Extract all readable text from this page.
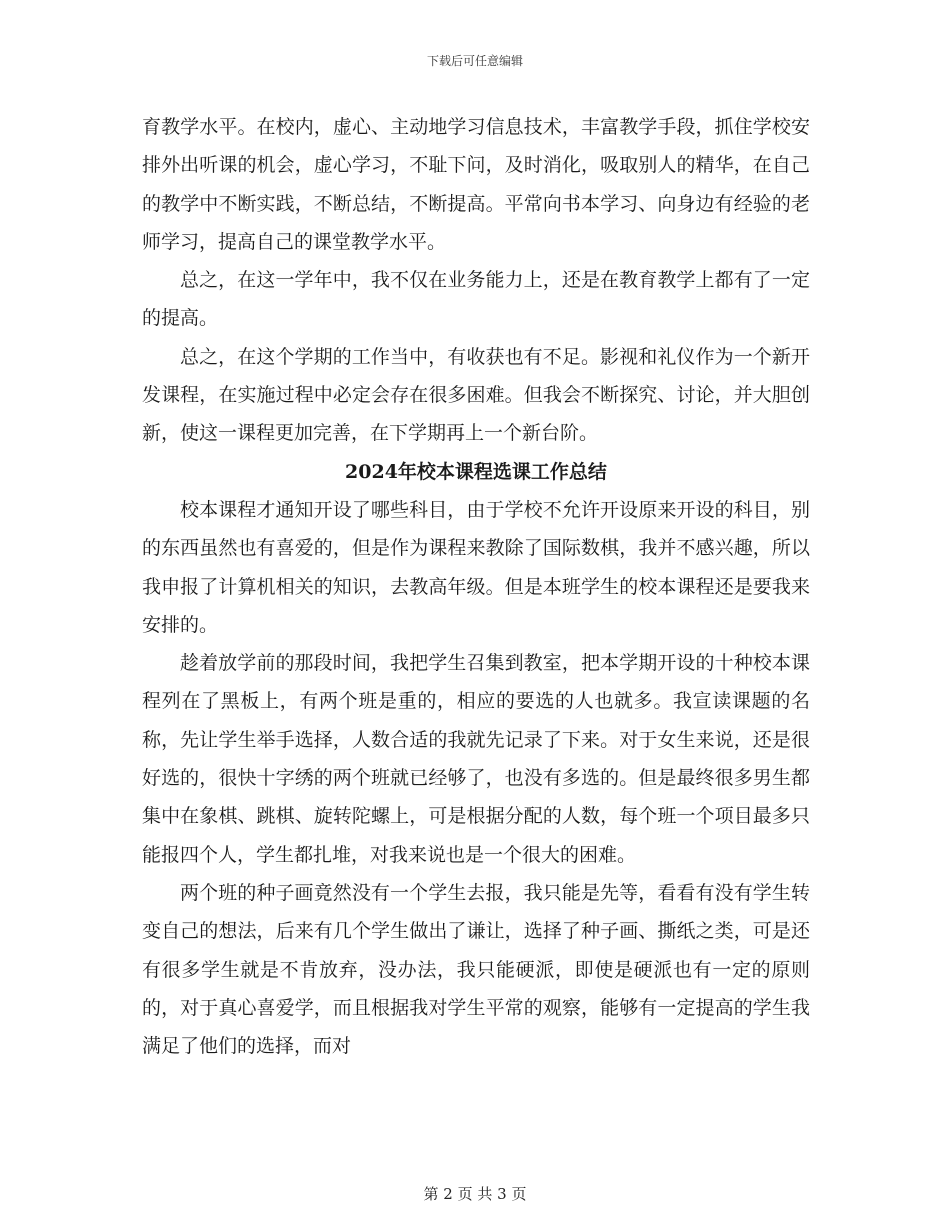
下载后可任意编辑

育教学水平。在校内，虚心、主动地学习信息技术，丰富教学手段，抓住学校安排外出听课的机会，虚心学习，不耻下问，及时消化，吸取别人的精华，在自己的教学中不断实践，不断总结，不断提高。平常向书本学习、向身边有经验的老师学习，提高自己的课堂教学水平。

总之，在这一学年中，我不仅在业务能力上，还是在教育教学上都有了一定的提高。

总之，在这个学期的工作当中，有收获也有不足。影视和礼仪作为一个新开发课程，在实施过程中必定会存在很多困难。但我会不断探究、讨论，并大胆创新，使这一课程更加完善，在下学期再上一个新台阶。

2024年校本课程选课工作总结

校本课程才通知开设了哪些科目，由于学校不允许开设原来开设的科目，别的东西虽然也有喜爱的，但是作为课程来教除了国际数棋，我并不感兴趣，所以我申报了计算机相关的知识，去教高年级。但是本班学生的校本课程还是要我来安排的。

趁着放学前的那段时间，我把学生召集到教室，把本学期开设的十种校本课程列在了黑板上，有两个班是重的，相应的要选的人也就多。我宣读课题的名称，先让学生举手选择，人数合适的我就先记录了下来。对于女生来说，还是很好选的，很快十字绣的两个班就已经够了，也没有多选的。但是最终很多男生都集中在象棋、跳棋、旋转陀螺上，可是根据分配的人数，每个班一个项目最多只能报四个人，学生都扎堆，对我来说也是一个很大的困难。

两个班的种子画竟然没有一个学生去报，我只能是先等，看看有没有学生转变自己的想法，后来有几个学生做出了谦让，选择了种子画、撕纸之类，可是还有很多学生就是不肯放弃，没办法，我只能硬派，即使是硬派也有一定的原则的，对于真心喜爱学，而且根据我对学生平常的观察，能够有一定提高的学生我满足了他们的选择，而对

第 2 页 共 3 页
